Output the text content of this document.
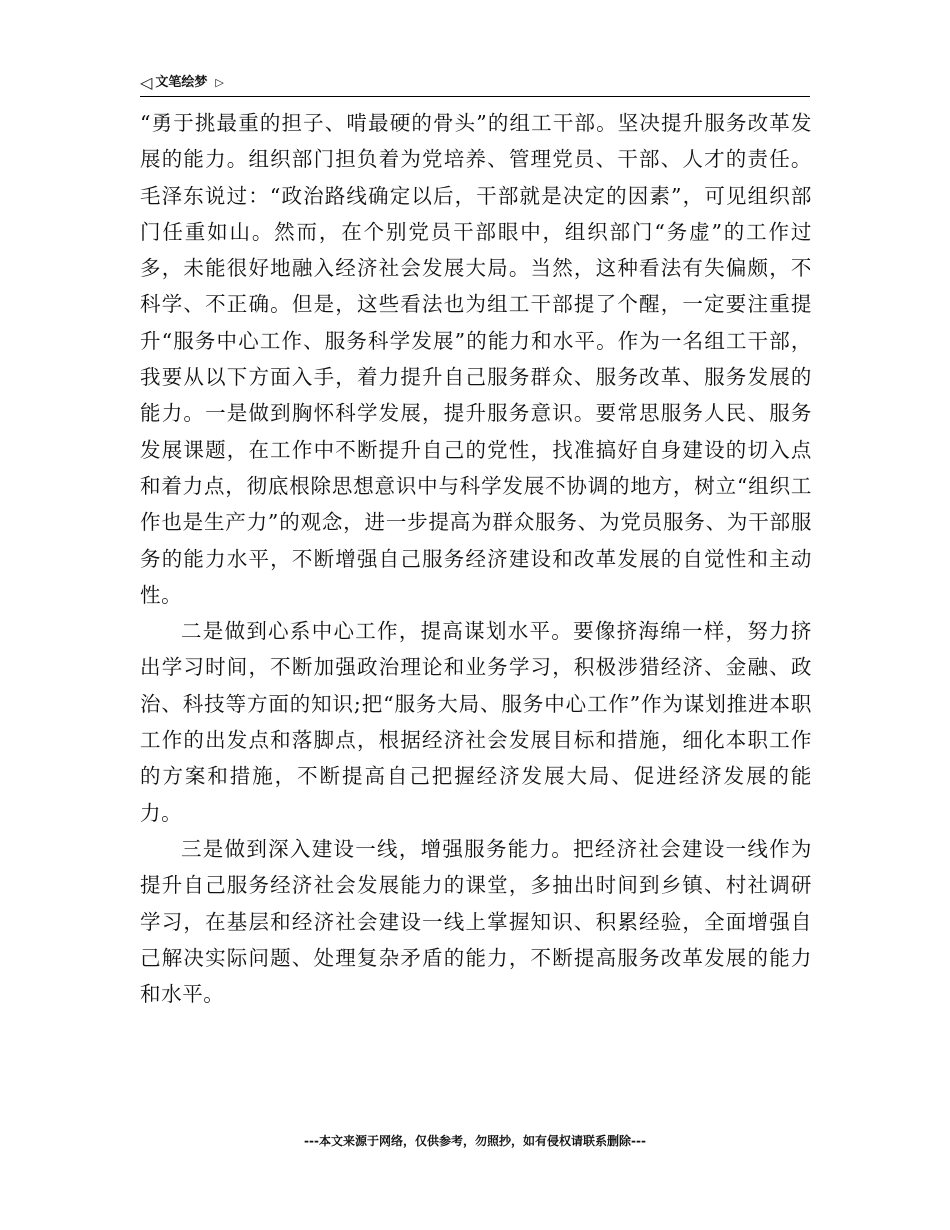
◁ 文笔绘梦 ▷

“勇于挑最重的担子、啃最硬的骨头”的组工干部。坚决提升服务改革发展的能力。组织部门担负着为党培养、管理党员、干部、人才的责任。毛泽东说过：“政治路线确定以后，干部就是决定的因素”，可见组织部门任重如山。然而，在个别党员干部眼中，组织部门“务虚”的工作过多，未能很好地融入经济社会发展大局。当然，这种看法有失偏颇，不科学、不正确。但是，这些看法也为组工干部提了个醒，一定要注重提升“服务中心工作、服务科学发展”的能力和水平。作为一名组工干部，我要从以下方面入手，着力提升自己服务群众、服务改革、服务发展的能力。一是做到胸怀科学发展，提升服务意识。要常思服务人民、服务发展课题，在工作中不断提升自己的党性，找准搞好自身建设的切入点和着力点，彻底根除思想意识中与科学发展不协调的地方，树立“组织工作也是生产力”的观念，进一步提高为群众服务、为党员服务、为干部服务的能力水平，不断增强自己服务经济建设和改革发展的自觉性和主动性。

二是做到心系中心工作，提高谋划水平。要像挤海绵一样，努力挤出学习时间，不断加强政治理论和业务学习，积极涉猎经济、金融、政治、科技等方面的知识;把“服务大局、服务中心工作”作为谋划推进本职工作的出发点和落脚点，根据经济社会发展目标和措施，细化本职工作的方案和措施，不断提高自己把握经济发展大局、促进经济发展的能力。

三是做到深入建设一线，增强服务能力。把经济社会建设一线作为提升自己服务经济社会发展能力的课堂，多抽出时间到乡镇、村社调研学习，在基层和经济社会建设一线上掌握知识、积累经验，全面增强自己解决实际问题、处理复杂矛盾的能力，不断提高服务改革发展的能力和水平。

---本文来源于网络，仅供参考，勿照抄，如有侵权请联系删除---
